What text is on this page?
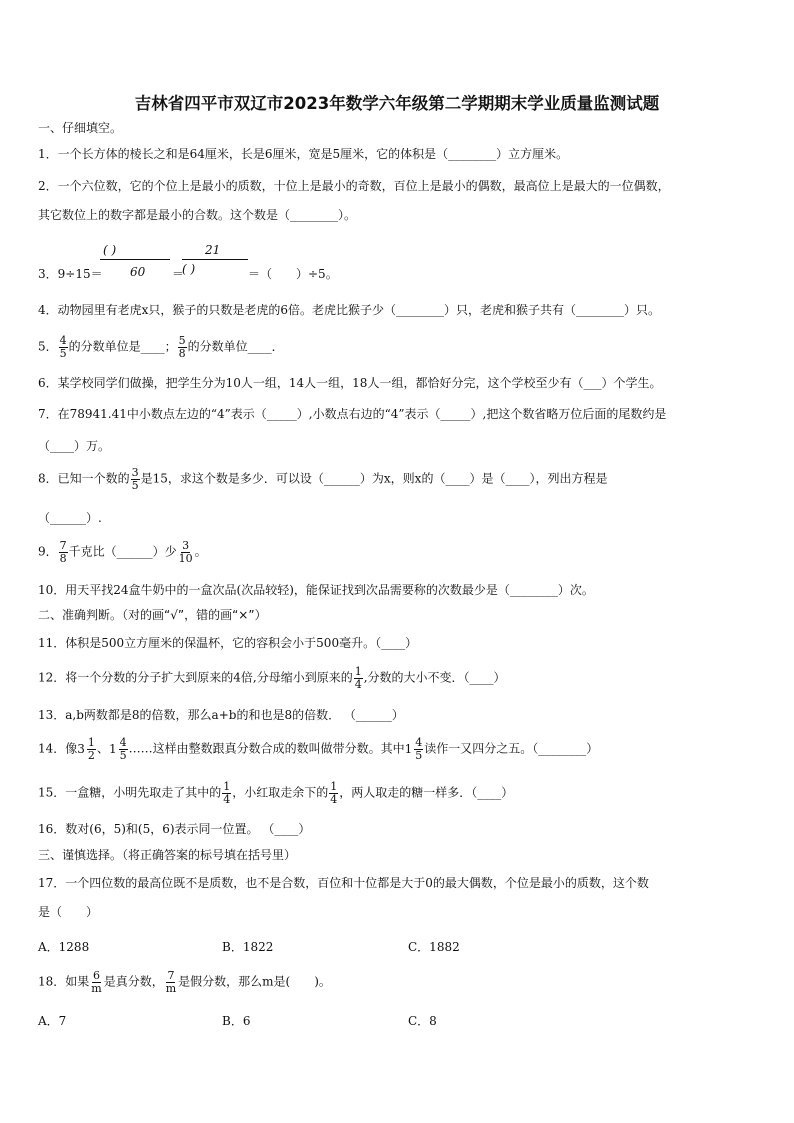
吉林省四平市双辽市2023年数学六年级第二学期期末学业质量监测试题
一、仔细填空。
1．一个长方体的棱长之和是64厘米，长是6厘米，宽是5厘米，它的体积是（________）立方厘米。
2．一个六位数，它的个位上是最小的质数，十位上是最小的奇数，百位上是最小的偶数，最高位上是最大的一位偶数，
其它数位上的数字都是最小的合数。这个数是（________）。
3．9÷15＝
( )
60 ＝
21
( )	＝（　　）÷5。
4．动物园里有老虎x只，猴子的只数是老虎的6倍。老虎比猴子少（________）只，老虎和猴子共有（________）只。
5． $\frac{4}{5}$ 的分数单位是____； $\frac{5}{8}$ 的分数单位____．
6．某学校同学们做操，把学生分为10人一组，14人一组，18人一组，都恰好分完，这个学校至少有（___）个学生。
7．在78941.41中小数点左边的“4”表示（_____）,小数点右边的“4”表示（_____）,把这个数省略万位后面的尾数约是
（____）万。
8．已知一个数的 $\frac{3}{5}$ 是15，求这个数是多少．可以设（______）为x，则x的（____）是（____），列出方程是
（______）.
9． $\frac{7}{8}$ 千克比（______）少 $\frac{3}{10}$ 。
10．用天平找24盒牛奶中的一盒次品(次品较轻)，能保证找到次品需要称的次数最少是（________）次。
二、准确判断。（对的画“√”，错的画“×”）
11．体积是500立方厘米的保温杯，它的容积会小于500毫升。（____）
12．将一个分数的分子扩大到原来的4倍,分母缩小到原来的 $\frac{1}{4}$ ,分数的大小不变．（____）
13．a,b两数都是8的倍数，那么a+b的和也是8的倍数． （______）
14．像 $3 \frac{1}{2}$ 、 $1 \frac{4}{5}$ ……这样由整数跟真分数合成的数叫做带分数。其中 $1 \frac{4}{5}$ 读作一又四分之五。（________）
15．一盒糖，小明先取走了其中的 $\frac{1}{4}$ ，小红取走余下的 $\frac{1}{4}$ ，两人取走的糖一样多．（____）
16．数对(6，5)和(5，6)表示同一位置。 （____）
三、谨慎选择。（将正确答案的标号填在括号里）
17．一个四位数的最高位既不是质数，也不是合数，百位和十位都是大于0的最大偶数，个位是最小的质数，这个数
是（　　）
A．1288	B．1822	C．1882
18．如果 $\frac{6}{m}$ 是真分数， $\frac{7}{m}$ 是假分数，那么m是(　　)。
A．7	B．6	C．8
